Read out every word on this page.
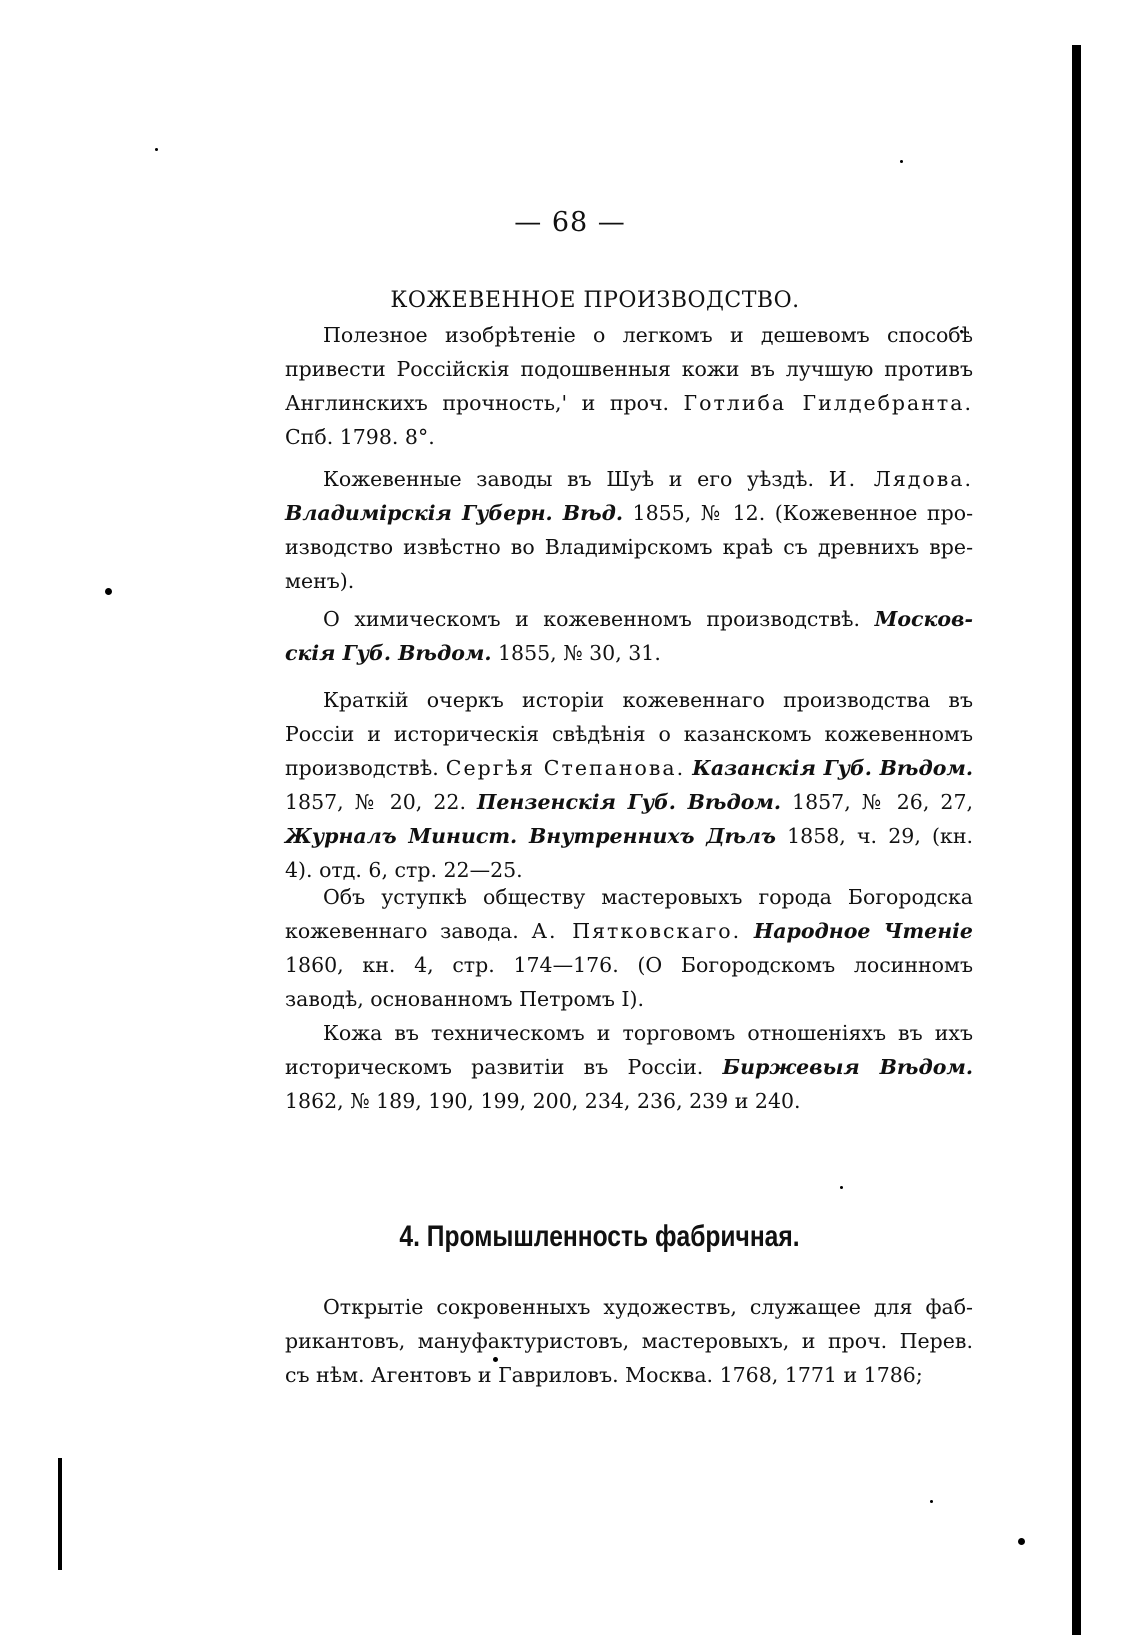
— 68 —
КОЖЕВЕННОЕ ПРОИЗВОДСТВО.

Полезное изобрѣтеніе о легкомъ и дешевомъ способѣ привести Россійскія подошвенныя кожи въ лучшую противъ Англинскихъ прочность,' и проч. Готлиба Гилдебранта. Спб. 1798. 8°.

Кожевенные заводы въ Шуѣ и его уѣздѣ. И. Лядова. Владимірскія Губерн. Вѣд. 1855, № 12. (Кожевенное про- изводство извѣстно во Владимірскомъ краѣ съ древнихъ вре- менъ).

О химическомъ и кожевенномъ производствѣ. Москов- скія Губ. Вѣдом. 1855, № 30, 31.

Краткій очеркъ исторіи кожевеннаго производства въ Россіи и историческія свѣдѣнія о казанскомъ кожевенномъ производствѣ. Сергѣя Степанова. Казанскія Губ. Вѣдом. 1857, № 20, 22. Пензенскія Губ. Вѣдом. 1857, № 26, 27, Журналъ Минист. Внутреннихъ Дѣлъ 1858, ч. 29, (кн. 4). отд. 6, стр. 22—25.

Объ уступкѣ обществу мастеровыхъ города Богородска кожевеннаго завода. А. Пятковскаго. Народное Чтеніе 1860, кн. 4, стр. 174—176. (О Богородскомъ лосинномъ заводѣ, основанномъ Петромъ I).

Кожа въ техническомъ и торговомъ отношеніяхъ въ ихъ историческомъ развитіи въ Россіи. Биржевыя Вѣдом. 1862, № 189, 190, 199, 200, 234, 236, 239 и 240.

4. Промышленность фабричная.

Открытіе сокровенныхъ художествъ, служащее для фаб- рикантовъ, мануфактуристовъ, мастеровыхъ, и проч. Перев. съ нѣм. Агентовъ и Гавриловъ. Москва. 1768, 1771 и 1786;
